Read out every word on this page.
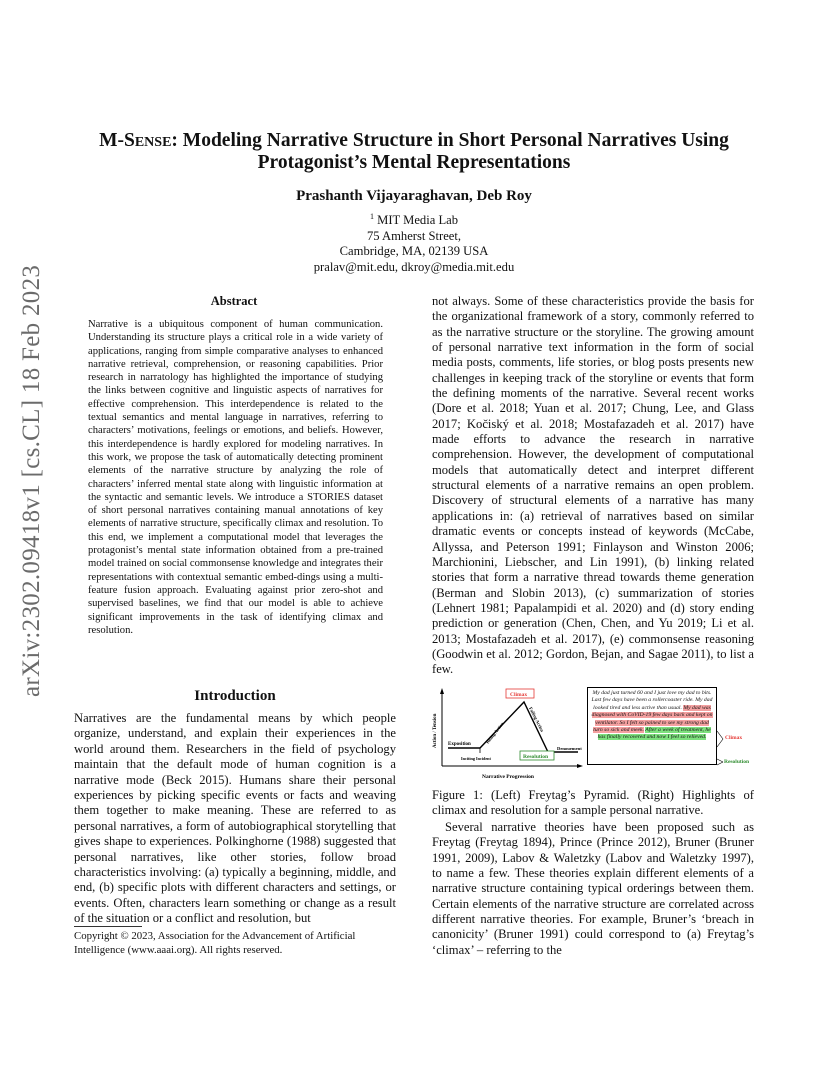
arXiv:2302.09418v1 [cs.CL] 18 Feb 2023
M-Sense: Modeling Narrative Structure in Short Personal Narratives Using Protagonist’s Mental Representations
Prashanth Vijayaraghavan, Deb Roy
$^1$ MIT Media Lab
75 Amherst Street,
Cambridge, MA, 02139 USA
pralav@mit.edu, dkroy@media.mit.edu
Abstract
Narrative is a ubiquitous component of human communication. Understanding its structure plays a critical role in a wide variety of applications, ranging from simple comparative analyses to enhanced narrative retrieval, comprehension, or reasoning capabilities. Prior research in narratology has highlighted the importance of studying the links between cognitive and linguistic aspects of narratives for effective comprehension. This interdependence is related to the textual semantics and mental language in narratives, referring to characters’ motivations, feelings or emotions, and beliefs. However, this interdependence is hardly explored for modeling narratives. In this work, we propose the task of automatically detecting prominent elements of the narrative structure by analyzing the role of characters’ inferred mental state along with linguistic information at the syntactic and semantic levels. We introduce a STORIES dataset of short personal narratives containing manual annotations of key elements of narrative structure, specifically climax and resolution. To this end, we implement a computational model that leverages the protagonist’s mental state information obtained from a pre-trained model trained on social commonsense knowledge and integrates their representations with contextual semantic embed-dings using a multi-feature fusion approach. Evaluating against prior zero-shot and supervised baselines, we find that our model is able to achieve significant improvements in the task of identifying climax and resolution.
Introduction
Narratives are the fundamental means by which people organize, understand, and explain their experiences in the world around them. Researchers in the field of psychology maintain that the default mode of human cognition is a narrative mode (Beck 2015). Humans share their personal experiences by picking specific events or facts and weaving them together to make meaning. These are referred to as personal narratives, a form of autobiographical storytelling that gives shape to experiences. Polkinghorne (1988) suggested that personal narratives, like other stories, follow broad characteristics involving: (a) typically a beginning, middle, and end, (b) specific plots with different characters and settings, or events. Often, characters learn something or change as a result of the situation or a conflict and resolution, but
Copyright © 2023, Association for the Advancement of Artificial Intelligence (www.aaai.org). All rights reserved.
not always. Some of these characteristics provide the basis for the organizational framework of a story, commonly referred to as the narrative structure or the storyline. The growing amount of personal narrative text information in the form of social media posts, comments, life stories, or blog posts presents new challenges in keeping track of the storyline or events that form the defining moments of the narrative. Several recent works (Dore et al. 2018; Yuan et al. 2017; Chung, Lee, and Glass 2017; Kočiský et al. 2018; Mostafazadeh et al. 2017) have made efforts to advance the research in narrative comprehension. However, the development of computational models that automatically detect and interpret different structural elements of a narrative remains an open problem. Discovery of structural elements of a narrative has many applications in: (a) retrieval of narratives based on similar dramatic events or concepts instead of keywords (McCabe, Allyssa, and Peterson 1991; Finlayson and Winston 2006; Marchionini, Liebscher, and Lin 1991), (b) linking related stories that form a narrative thread towards theme generation (Berman and Slobin 2013), (c) summarization of stories (Lehnert 1981; Papalampidi et al. 2020) and (d) story ending prediction or generation (Chen, Chen, and Yu 2019; Li et al. 2013; Mostafazadeh et al. 2017), (e) commonsense reasoning (Goodwin et al. 2012; Gordon, Bejan, and Sagae 2011), to list a few.
Action / Tension
Narrative Progression
Exposition
Inciting Incident
Rising Action
Falling Action
Climax
Resolution
Denouement
My dad just turned 60 and I just love my dad to bits. Last few days have been a rollercoaster ride. My dad looked tired and less active than usual. My dad was diagnosed with CoVID-19 few days back and kept on ventilator. So I felt so pained to see my strong dad turn so sick and meek. After a week of treatment, he has finally recovered and now I feel so relieved.	Climax
Resolution
Figure 1: (Left) Freytag’s Pyramid. (Right) Highlights of climax and resolution for a sample personal narrative.
Several narrative theories have been proposed such as Freytag (Freytag 1894), Prince (Prince 2012), Bruner (Bruner 1991, 2009), Labov & Waletzky (Labov and Waletzky 1997), to name a few. These theories explain different elements of a narrative structure containing typical orderings between them. Certain elements of the narrative structure are correlated across different narrative theories. For example, Bruner’s ‘breach in canonicity’ (Bruner 1991) could correspond to (a) Freytag’s ‘climax’ – referring to the
